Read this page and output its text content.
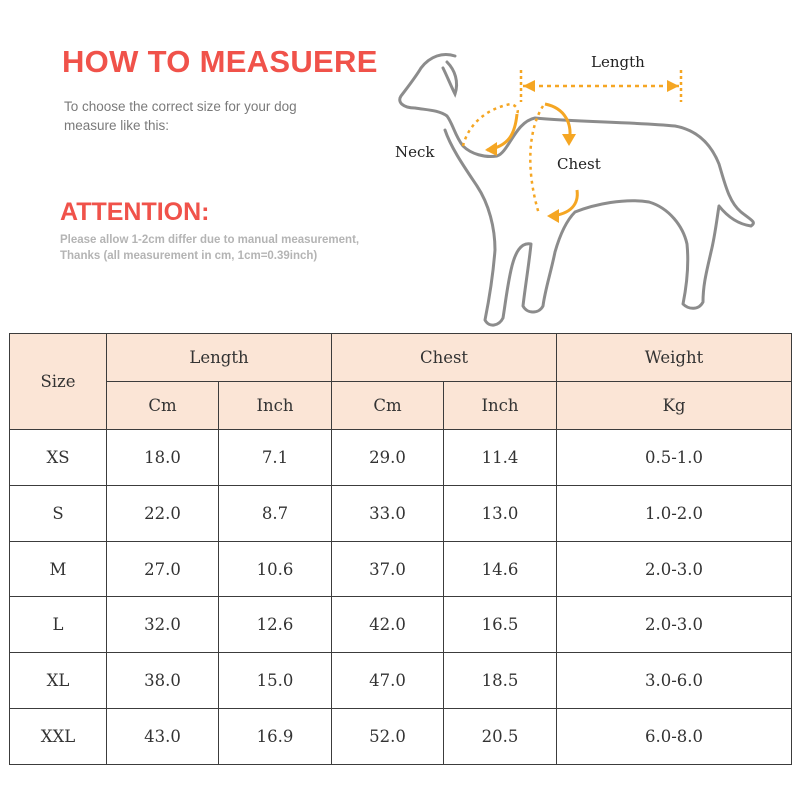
HOW TO MEASUERE
To choose the correct size for your dog measure like this:
ATTENTION:
Please allow 1-2cm differ due to manual measurement,
Thanks (all measurement in cm, 1cm=0.39inch)
Length
Neck
Chest
Size	Length		Chest		Weight
	Cm	Inch	Cm	Inch	Kg
XS	18.0	7.1	29.0	11.4	0.5-1.0
S	22.0	8.7	33.0	13.0	1.0-2.0
M	27.0	10.6	37.0	14.6	2.0-3.0
L	32.0	12.6	42.0	16.5	2.0-3.0
XL	38.0	15.0	47.0	18.5	3.0-6.0
XXL	43.0	16.9	52.0	20.5	6.0-8.0
